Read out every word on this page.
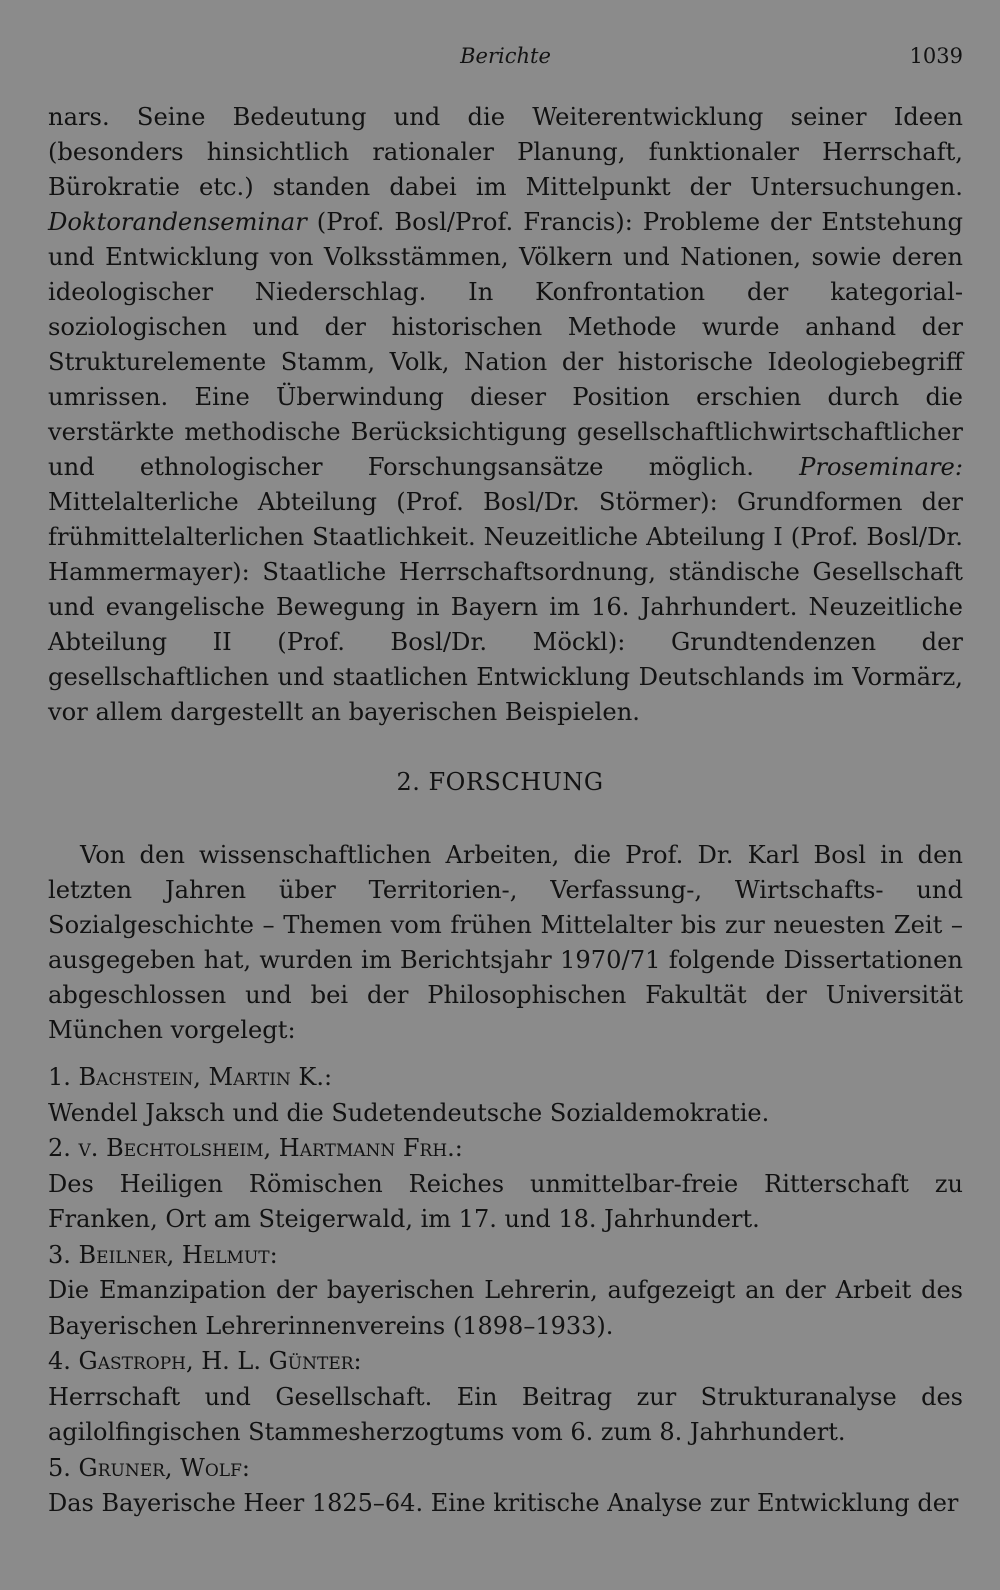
Berichte	1039

nars. Seine Bedeutung und die Weiterentwicklung seiner Ideen (besonders hinsichtlich rationaler Planung, funktionaler Herrschaft, Bürokratie etc.) standen dabei im Mittelpunkt der Untersuchungen. Doktorandenseminar (Prof. Bosl/Prof. Francis): Probleme der Entstehung und Entwicklung von Volksstämmen, Völkern und Nationen, sowie deren ideologischer Niederschlag. In Konfrontation der kategorial-soziologischen und der historischen Methode wurde anhand der Strukturelemente Stamm, Volk, Nation der historische Ideologiebegriff umrissen. Eine Überwindung dieser Position erschien durch die verstärkte methodische Berücksichtigung gesellschaftlichwirtschaftlicher und ethnologischer Forschungsansätze möglich. Proseminare: Mittelalterliche Abteilung (Prof. Bosl/Dr. Störmer): Grundformen der frühmittelalterlichen Staatlichkeit. Neuzeitliche Abteilung I (Prof. Bosl/Dr. Hammermayer): Staatliche Herrschaftsordnung, ständische Gesellschaft und evangelische Bewegung in Bayern im 16. Jahrhundert. Neuzeitliche Abteilung II (Prof. Bosl/Dr. Möckl): Grundtendenzen der gesellschaftlichen und staatlichen Entwicklung Deutschlands im Vormärz, vor allem dargestellt an bayerischen Beispielen.

2. FORSCHUNG

Von den wissenschaftlichen Arbeiten, die Prof. Dr. Karl Bosl in den letzten Jahren über Territorien-, Verfassung-, Wirtschafts- und Sozialgeschichte – Themen vom frühen Mittelalter bis zur neuesten Zeit – ausgegeben hat, wurden im Berichtsjahr 1970/71 folgende Dissertationen abgeschlossen und bei der Philosophischen Fakultät der Universität München vorgelegt:

1. Bachstein, Martin K.:
Wendel Jaksch und die Sudetendeutsche Sozialdemokratie.
2. v. Bechtolsheim, Hartmann Frh.:
Des Heiligen Römischen Reiches unmittelbar-freie Ritterschaft zu Franken, Ort am Steigerwald, im 17. und 18. Jahrhundert.
3. Beilner, Helmut:
Die Emanzipation der bayerischen Lehrerin, aufgezeigt an der Arbeit des Bayerischen Lehrerinnenvereins (1898–1933).
4. Gastroph, H. L. Günter:
Herrschaft und Gesellschaft. Ein Beitrag zur Strukturanalyse des agilolfingischen Stammesherzogtums vom 6. zum 8. Jahrhundert.
5. Gruner, Wolf:
Das Bayerische Heer 1825–64. Eine kritische Analyse zur Entwicklung der
